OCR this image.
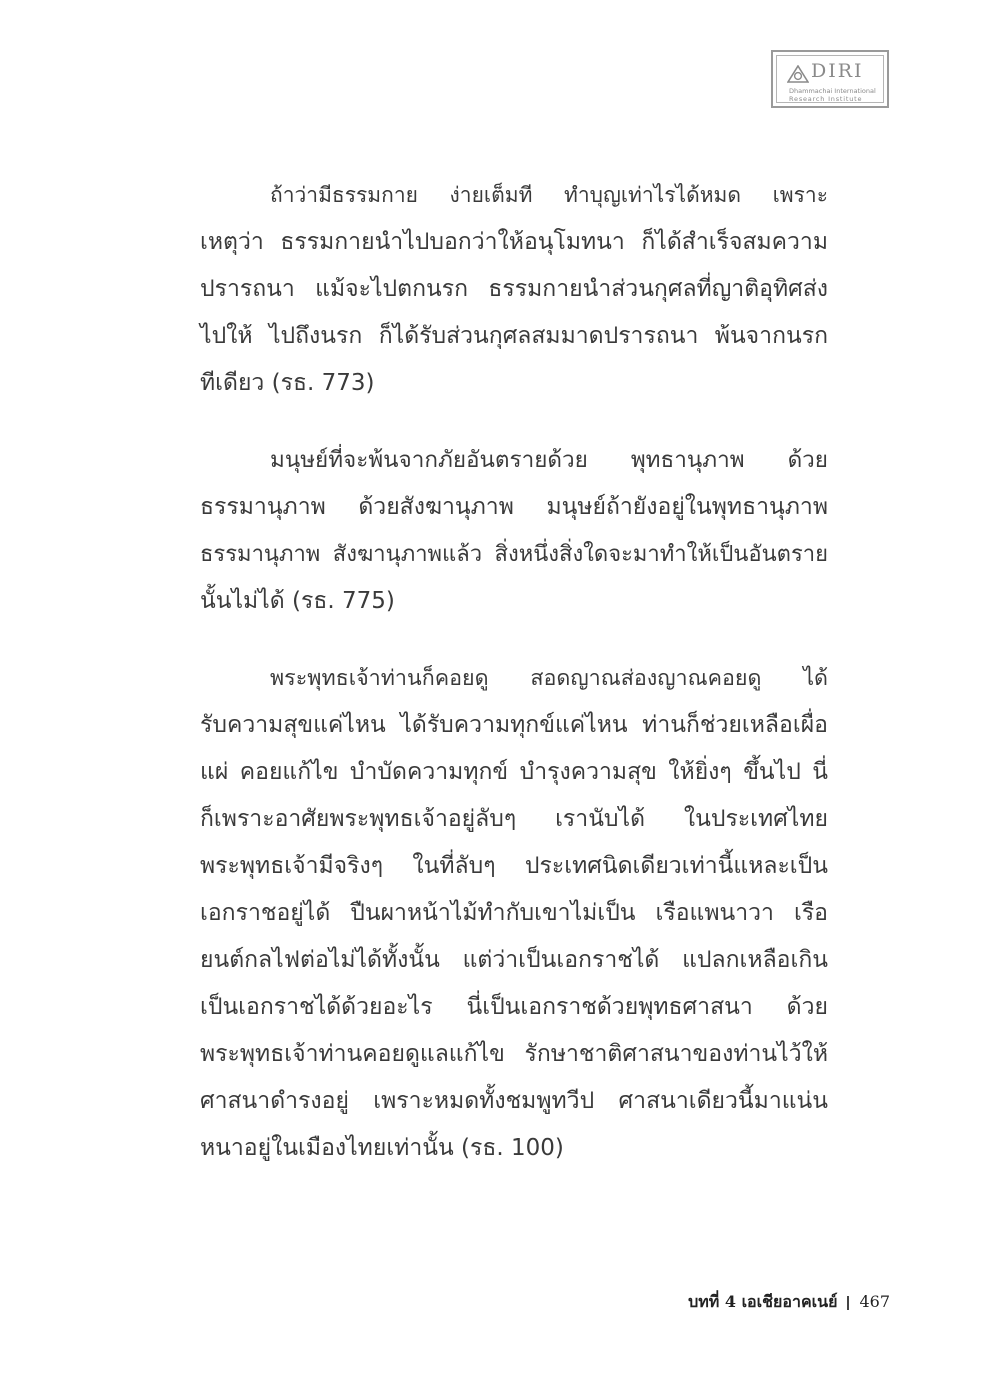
DIRI
Dhammachai International
Research Institute
ถ้าว่ามีธรรมกาย ง่ายเต็มที ทำบุญเท่าไรได้หมด เพราะ
เหตุว่า ธรรมกายนำไปบอกว่าให้อนุโมทนา ก็ได้สำเร็จสมความ
ปรารถนา แม้จะไปตกนรก ธรรมกายนำส่วนกุศลที่ญาติอุทิศส่ง
ไปให้ ไปถึงนรก ก็ได้รับส่วนกุศลสมมาดปรารถนา พ้นจากนรก
ทีเดียว (รธ. 773)
มนุษย์ที่จะพ้นจากภัยอันตรายด้วย พุทธานุภาพ ด้วย
ธรรมานุภาพ ด้วยสังฆานุภาพ มนุษย์ถ้ายังอยู่ในพุทธานุภาพ
ธรรมานุภาพ สังฆานุภาพแล้ว สิ่งหนึ่งสิ่งใดจะมาทำให้เป็นอันตราย
นั้นไม่ได้ (รธ. 775)
พระพุทธเจ้าท่านก็คอยดู สอดญาณส่องญาณคอยดู ได้
รับความสุขแค่ไหน ได้รับความทุกข์แค่ไหน ท่านก็ช่วยเหลือเผื่อ
แผ่ คอยแก้ไข บำบัดความทุกข์ บำรุงความสุข ให้ยิ่งๆ ขึ้นไป นี่
ก็เพราะอาศัยพระพุทธเจ้าอยู่ลับๆ เรานับได้ ในประเทศไทย
พระพุทธเจ้ามีจริงๆ ในที่ลับๆ ประเทศนิดเดียวเท่านี้แหละเป็น
เอกราชอยู่ได้ ปืนผาหน้าไม้ทำกับเขาไม่เป็น เรือแพนาวา เรือ
ยนต์กลไฟต่อไม่ได้ทั้งนั้น แต่ว่าเป็นเอกราชได้ แปลกเหลือเกิน
เป็นเอกราชได้ด้วยอะไร นี่เป็นเอกราชด้วยพุทธศาสนา ด้วย
พระพุทธเจ้าท่านคอยดูแลแก้ไข รักษาชาติศาสนาของท่านไว้ให้
ศาสนาดำรงอยู่ เพราะหมดทั้งชมพูทวีป ศาสนาเดียวนี้มาแน่น
หนาอยู่ในเมืองไทยเท่านั้น (รธ. 100)
บทที่ 4 เอเชียอาคเนย์ 467
